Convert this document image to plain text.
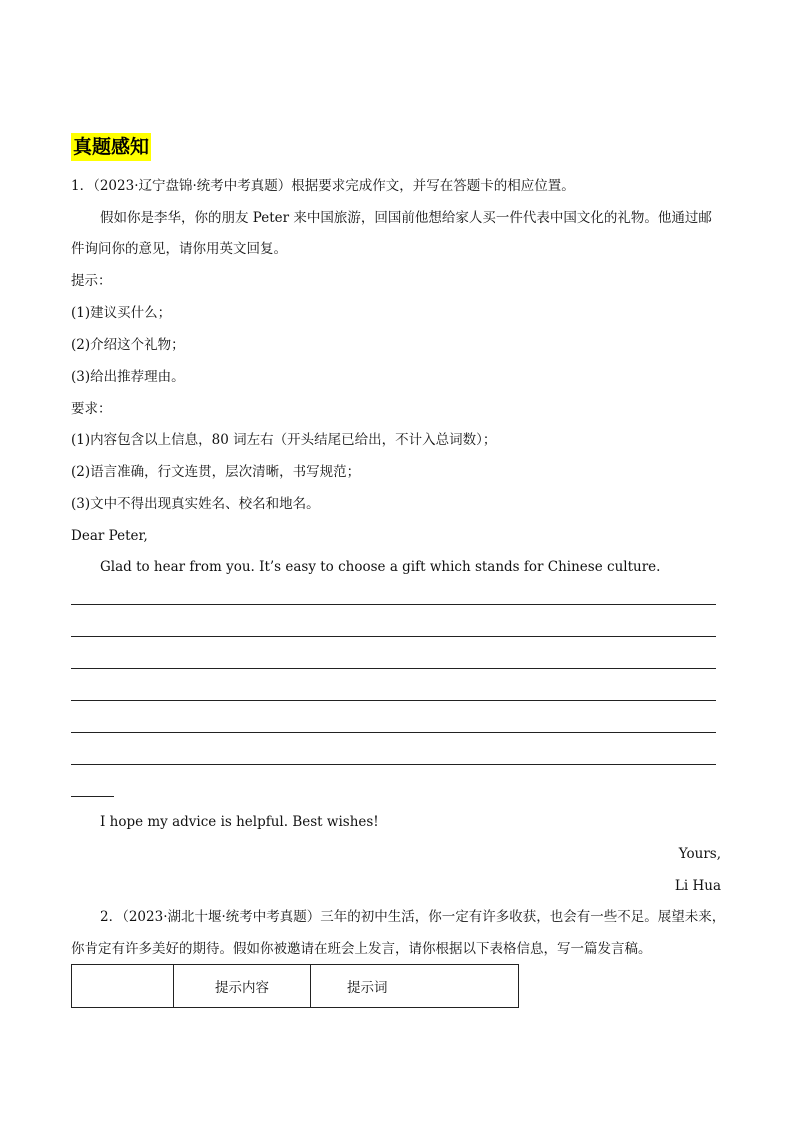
真题感知
1．（2023·辽宁盘锦·统考中考真题）根据要求完成作文，并写在答题卡的相应位置。
假如你是李华，你的朋友 Peter 来中国旅游，回国前他想给家人买一件代表中国文化的礼物。他通过邮
件询问你的意见，请你用英文回复。
提示：
(1)建议买什么；
(2)介绍这个礼物；
(3)给出推荐理由。
要求：
(1)内容包含以上信息，80 词左右（开头结尾已给出，不计入总词数）；
(2)语言准确，行文连贯，层次清晰，书写规范；
(3)文中不得出现真实姓名、校名和地名。
Dear Peter,
Glad to hear from you. It’s easy to choose a gift which stands for Chinese culture.
I hope my advice is helpful. Best wishes!
Yours,
Li Hua
2．（2023·湖北十堰·统考中考真题）三年的初中生活，你一定有许多收获，也会有一些不足。展望未来，
你肯定有许多美好的期待。假如你被邀请在班会上发言，请你根据以下表格信息，写一篇发言稿。
	提示内容	提示词
